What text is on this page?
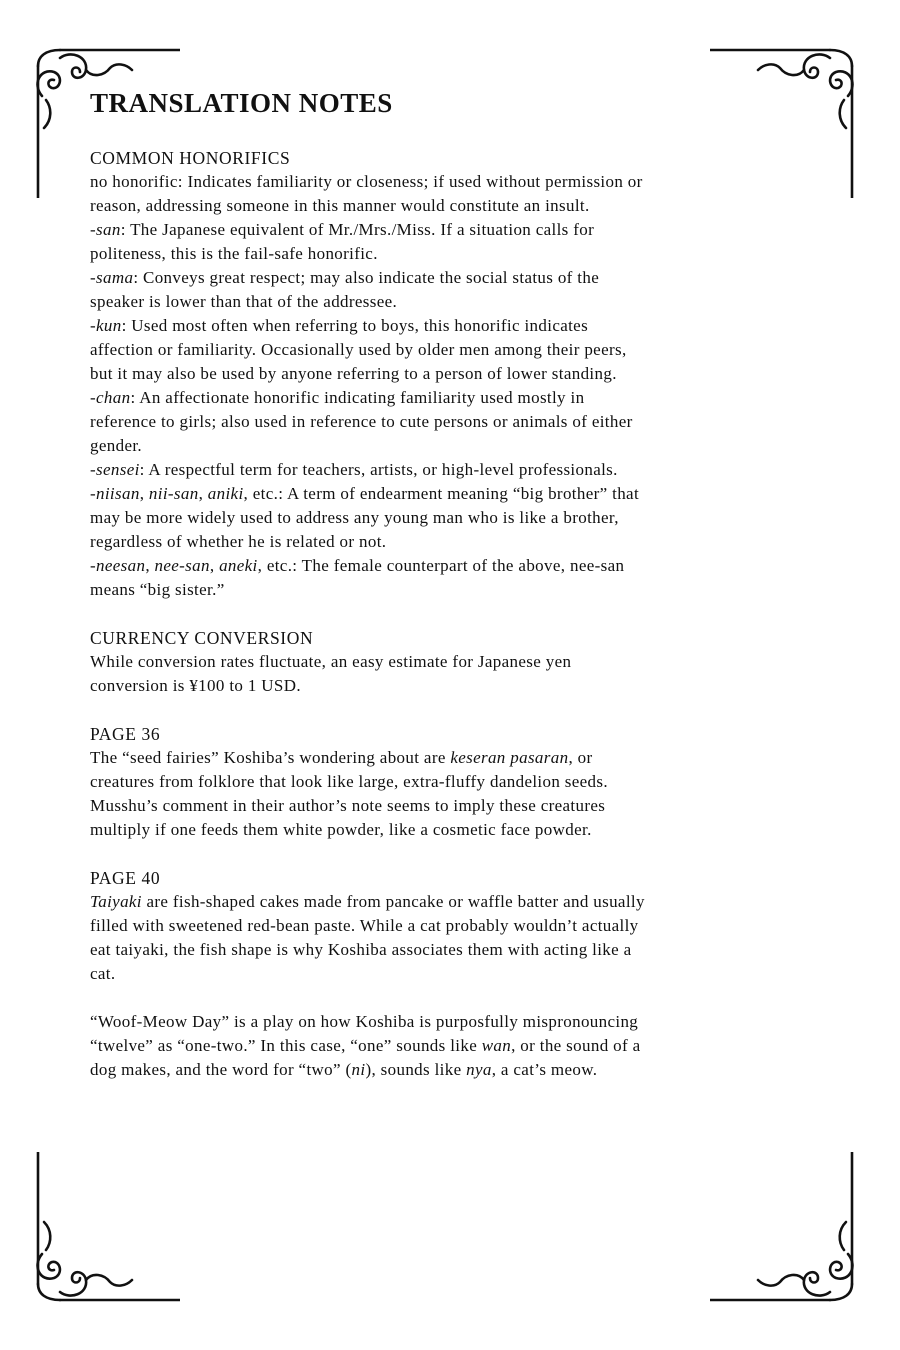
TRANSLATION NOTES
COMMON HONORIFICS

no honorific: Indicates familiarity or closeness; if used without permission or reason, addressing someone in this manner would constitute an insult.

-san: The Japanese equivalent of Mr./Mrs./Miss. If a situation calls for politeness, this is the fail-safe honorific.

-sama: Conveys great respect; may also indicate the social status of the speaker is lower than that of the addressee.

-kun: Used most often when referring to boys, this honorific indicates affection or familiarity. Occasionally used by older men among their peers, but it may also be used by anyone referring to a person of lower standing.

-chan: An affectionate honorific indicating familiarity used mostly in reference to girls; also used in reference to cute persons or animals of either gender.

-sensei: A respectful term for teachers, artists, or high-level professionals.

-niisan, nii-san, aniki, etc.: A term of endearment meaning “big brother” that may be more widely used to address any young man who is like a brother, regardless of whether he is related or not.

-neesan, nee-san, aneki, etc.: The female counterpart of the above, nee-san means “big sister.”

CURRENCY CONVERSION

While conversion rates fluctuate, an easy estimate for Japanese yen conversion is ¥100 to 1 USD.

PAGE 36

The “seed fairies” Koshiba’s wondering about are keseran pasaran, or creatures from folklore that look like large, extra-fluffy dandelion seeds. Musshu’s comment in their author’s note seems to imply these creatures multiply if one feeds them white powder, like a cosmetic face powder.

PAGE 40

Taiyaki are fish-shaped cakes made from pancake or waffle batter and usually filled with sweetened red-bean paste. While a cat probably wouldn’t actually eat taiyaki, the fish shape is why Koshiba associates them with acting like a cat.

“Woof-Meow Day” is a play on how Koshiba is purposfully mispronouncing “twelve” as “one-two.” In this case, “one” sounds like wan, or the sound of a dog makes, and the word for “two” (ni), sounds like nya, a cat’s meow.
